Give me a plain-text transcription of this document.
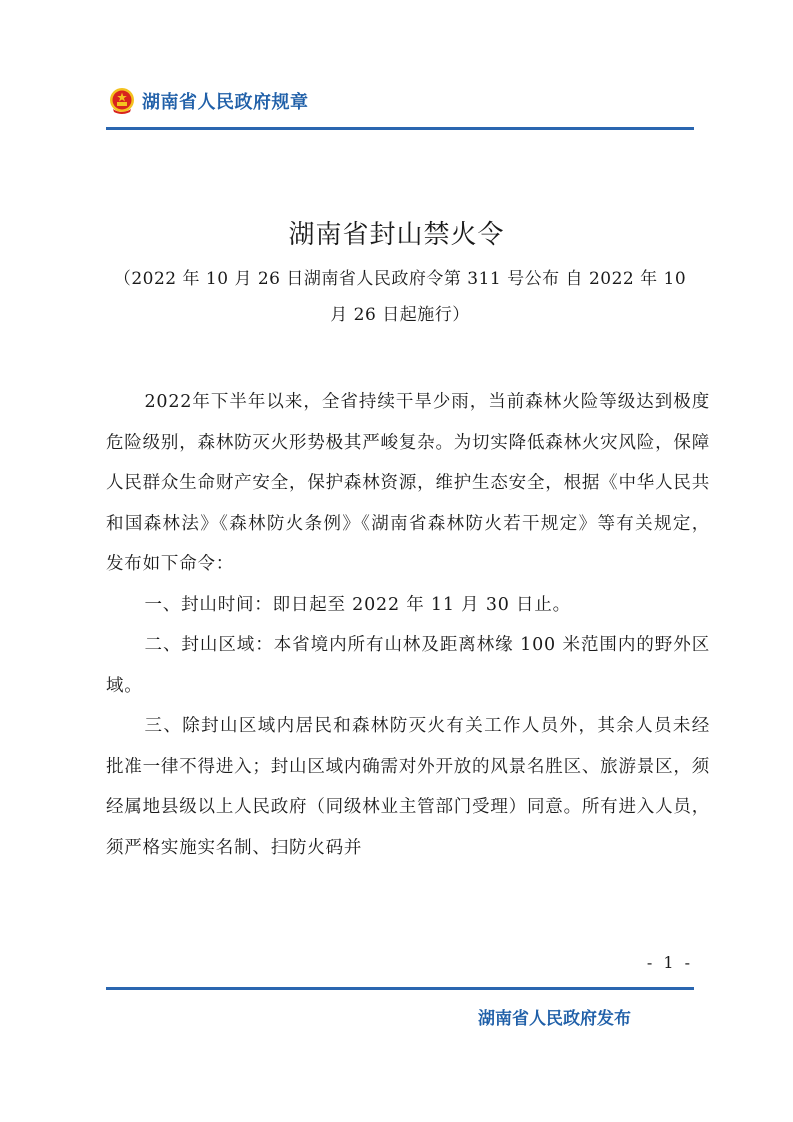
湖南省人民政府规章
湖南省封山禁火令
（2022 年 10 月 26 日湖南省人民政府令第 311 号公布 自 2022 年 10 月 26 日起施行）

2022年下半年以来，全省持续干旱少雨，当前森林火险等级达到极度危险级别，森林防灭火形势极其严峻复杂。为切实降低森林火灾风险，保障人民群众生命财产安全，保护森林资源，维护生态安全，根据《中华人民共和国森林法》《森林防火条例》《湖南省森林防火若干规定》等有关规定，发布如下命令：

一、封山时间：即日起至 2022 年 11 月 30 日止。

二、封山区域：本省境内所有山林及距离林缘 100 米范围内的野外区域。

三、除封山区域内居民和森林防灭火有关工作人员外，其余人员未经批准一律不得进入；封山区域内确需对外开放的风景名胜区、旅游景区，须经属地县级以上人民政府（同级林业主管部门受理）同意。所有进入人员，须严格实施实名制、扫防火码并

- 1 -
湖南省人民政府发布
